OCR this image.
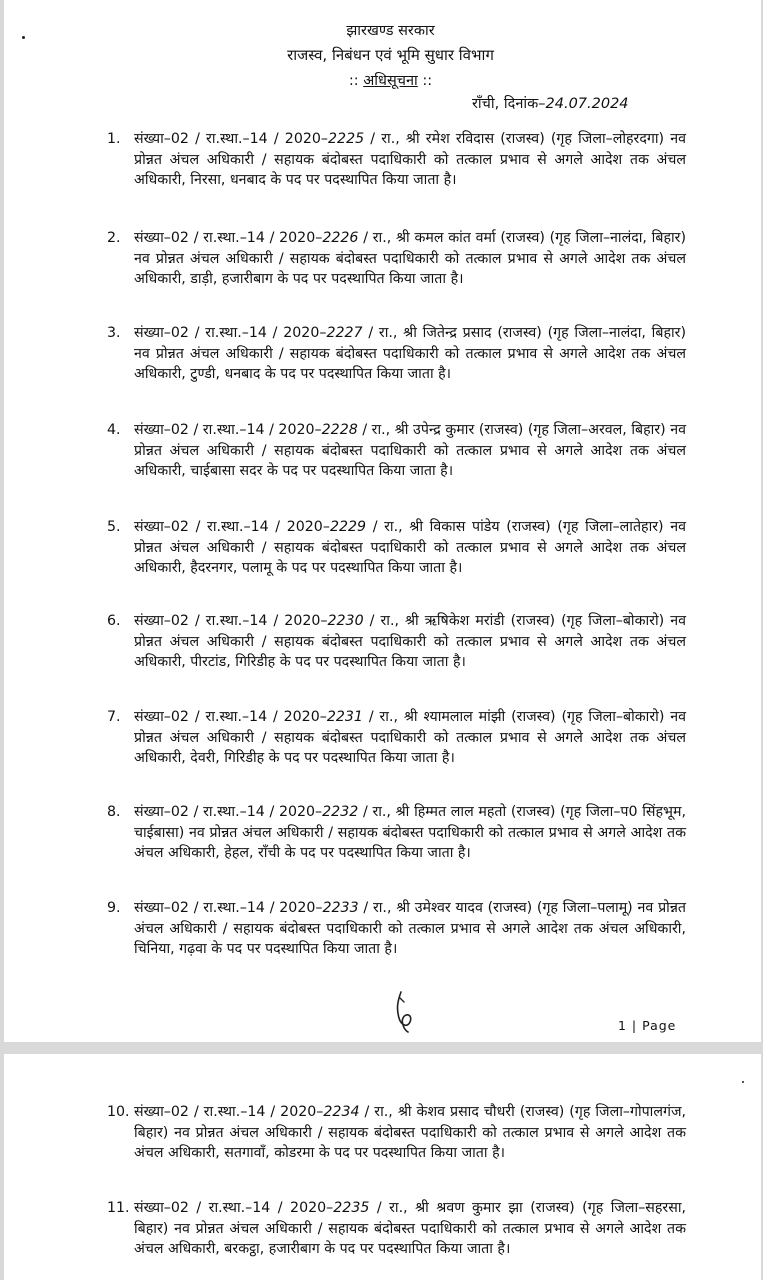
झारखण्ड सरकार
राजस्व, निबंधन एवं भूमि सुधार विभाग
:: अधिसूचना ::
राँची, दिनांक–24.07.2024
1. संख्या–02 / रा.स्था.–14 / 2020–2225 / रा., श्री रमेश रविदास (राजस्व) (गृह जिला–लोहरदगा) नव प्रोन्नत अंचल अधिकारी / सहायक बंदोबस्त पदाधिकारी को तत्काल प्रभाव से अगले आदेश तक अंचल अधिकारी, निरसा, धनबाद के पद पर पदस्थापित किया जाता है।
2. संख्या–02 / रा.स्था.–14 / 2020–2226 / रा., श्री कमल कांत वर्मा (राजस्व) (गृह जिला–नालंदा, बिहार) नव प्रोन्नत अंचल अधिकारी / सहायक बंदोबस्त पदाधिकारी को तत्काल प्रभाव से अगले आदेश तक अंचल अधिकारी, डाड़ी, हजारीबाग के पद पर पदस्थापित किया जाता है।
3. संख्या–02 / रा.स्था.–14 / 2020–2227 / रा., श्री जितेन्द्र प्रसाद (राजस्व) (गृह जिला–नालंदा, बिहार) नव प्रोन्नत अंचल अधिकारी / सहायक बंदोबस्त पदाधिकारी को तत्काल प्रभाव से अगले आदेश तक अंचल अधिकारी, टुण्डी, धनबाद के पद पर पदस्थापित किया जाता है।
4. संख्या–02 / रा.स्था.–14 / 2020–2228 / रा., श्री उपेन्द्र कुमार (राजस्व) (गृह जिला–अरवल, बिहार) नव प्रोन्नत अंचल अधिकारी / सहायक बंदोबस्त पदाधिकारी को तत्काल प्रभाव से अगले आदेश तक अंचल अधिकारी, चाईबासा सदर के पद पर पदस्थापित किया जाता है।
5. संख्या–02 / रा.स्था.–14 / 2020–2229 / रा., श्री विकास पांडेय (राजस्व) (गृह जिला–लातेहार) नव प्रोन्नत अंचल अधिकारी / सहायक बंदोबस्त पदाधिकारी को तत्काल प्रभाव से अगले आदेश तक अंचल अधिकारी, हैदरनगर, पलामू के पद पर पदस्थापित किया जाता है।
6. संख्या–02 / रा.स्था.–14 / 2020–2230 / रा., श्री ऋषिकेश मरांडी (राजस्व) (गृह जिला–बोकारो) नव प्रोन्नत अंचल अधिकारी / सहायक बंदोबस्त पदाधिकारी को तत्काल प्रभाव से अगले आदेश तक अंचल अधिकारी, पीरटांड, गिरिडीह के पद पर पदस्थापित किया जाता है।
7. संख्या–02 / रा.स्था.–14 / 2020–2231 / रा., श्री श्यामलाल मांझी (राजस्व) (गृह जिला–बोकारो) नव प्रोन्नत अंचल अधिकारी / सहायक बंदोबस्त पदाधिकारी को तत्काल प्रभाव से अगले आदेश तक अंचल अधिकारी, देवरी, गिरिडीह के पद पर पदस्थापित किया जाता है।
8. संख्या–02 / रा.स्था.–14 / 2020–2232 / रा., श्री हिम्मत लाल महतो (राजस्व) (गृह जिला–प0 सिंहभूम, चाईबासा) नव प्रोन्नत अंचल अधिकारी / सहायक बंदोबस्त पदाधिकारी को तत्काल प्रभाव से अगले आदेश तक अंचल अधिकारी, हेहल, राँची के पद पर पदस्थापित किया जाता है।
9. संख्या–02 / रा.स्था.–14 / 2020–2233 / रा., श्री उमेश्वर यादव (राजस्व) (गृह जिला–पलामू) नव प्रोन्नत अंचल अधिकारी / सहायक बंदोबस्त पदाधिकारी को तत्काल प्रभाव से अगले आदेश तक अंचल अधिकारी, चिनिया, गढ़वा के पद पर पदस्थापित किया जाता है।
1 | Page
10. संख्या–02 / रा.स्था.–14 / 2020–2234 / रा., श्री केशव प्रसाद चौधरी (राजस्व) (गृह जिला–गोपालगंज, बिहार) नव प्रोन्नत अंचल अधिकारी / सहायक बंदोबस्त पदाधिकारी को तत्काल प्रभाव से अगले आदेश तक अंचल अधिकारी, सतगावाँ, कोडरमा के पद पर पदस्थापित किया जाता है।
11. संख्या–02 / रा.स्था.–14 / 2020–2235 / रा., श्री श्रवण कुमार झा (राजस्व) (गृह जिला–सहरसा, बिहार) नव प्रोन्नत अंचल अधिकारी / सहायक बंदोबस्त पदाधिकारी को तत्काल प्रभाव से अगले आदेश तक अंचल अधिकारी, बरकट्ठा, हजारीबाग के पद पर पदस्थापित किया जाता है।
